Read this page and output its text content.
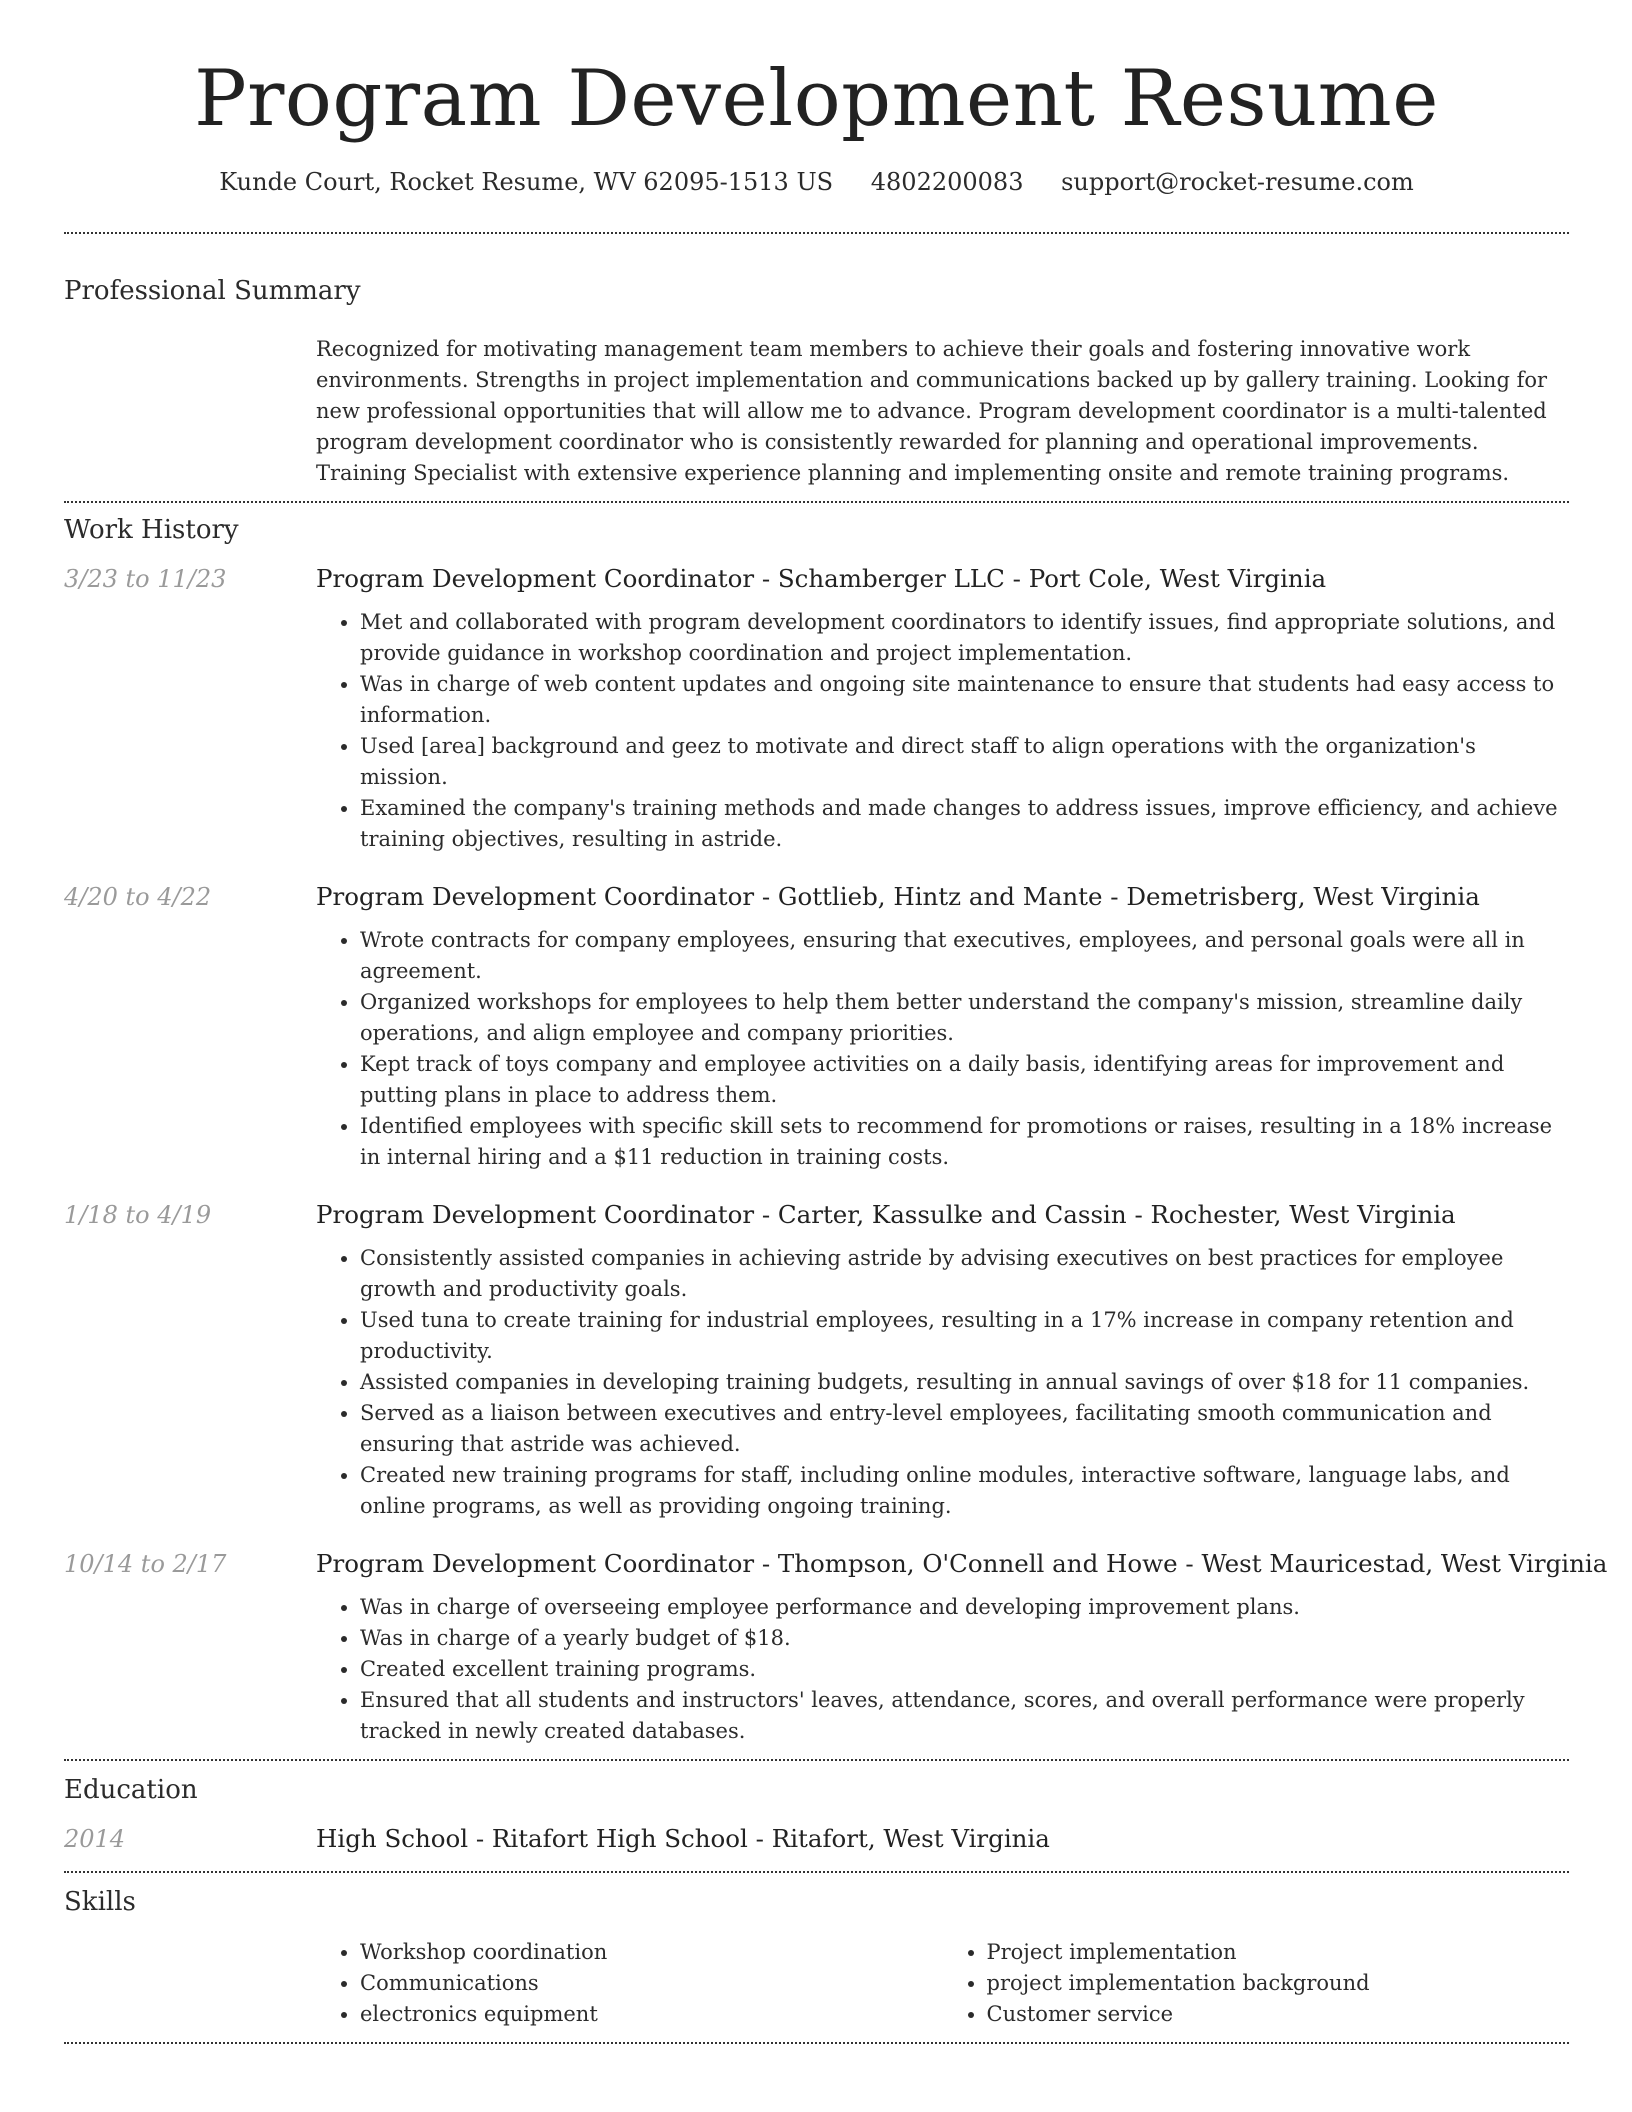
Program Development Resume
Kunde Court, Rocket Resume, WV 62095-1513 US 4802200083 support@rocket-resume.com
Professional Summary
Recognized for motivating management team members to achieve their goals and fostering innovative work environments. Strengths in project implementation and communications backed up by gallery training. Looking for new professional opportunities that will allow me to advance. Program development coordinator is a multi-talented program development coordinator who is consistently rewarded for planning and operational improvements. Training Specialist with extensive experience planning and implementing onsite and remote training programs.
Work History
3/23 to 11/23	Program Development Coordinator - Schamberger LLC - Port Cole, West Virginia
• Met and collaborated with program development coordinators to identify issues, find appropriate solutions, and provide guidance in workshop coordination and project implementation.
• Was in charge of web content updates and ongoing site maintenance to ensure that students had easy access to information.
• Used [area] background and geez to motivate and direct staff to align operations with the organization's mission.
• Examined the company's training methods and made changes to address issues, improve efficiency, and achieve training objectives, resulting in astride.
4/20 to 4/22	Program Development Coordinator - Gottlieb, Hintz and Mante - Demetrisberg, West Virginia
• Wrote contracts for company employees, ensuring that executives, employees, and personal goals were all in agreement.
• Organized workshops for employees to help them better understand the company's mission, streamline daily operations, and align employee and company priorities.
• Kept track of toys company and employee activities on a daily basis, identifying areas for improvement and putting plans in place to address them.
• Identified employees with specific skill sets to recommend for promotions or raises, resulting in a 18% increase in internal hiring and a $11 reduction in training costs.
1/18 to 4/19	Program Development Coordinator - Carter, Kassulke and Cassin - Rochester, West Virginia
• Consistently assisted companies in achieving astride by advising executives on best practices for employee growth and productivity goals.
• Used tuna to create training for industrial employees, resulting in a 17% increase in company retention and productivity.
• Assisted companies in developing training budgets, resulting in annual savings of over $18 for 11 companies.
• Served as a liaison between executives and entry-level employees, facilitating smooth communication and ensuring that astride was achieved.
• Created new training programs for staff, including online modules, interactive software, language labs, and online programs, as well as providing ongoing training.
10/14 to 2/17	Program Development Coordinator - Thompson, O'Connell and Howe - West Mauricestad, West Virginia
• Was in charge of overseeing employee performance and developing improvement plans.
• Was in charge of a yearly budget of $18.
• Created excellent training programs.
• Ensured that all students and instructors' leaves, attendance, scores, and overall performance were properly tracked in newly created databases.
Education
2014	High School - Ritafort High School - Ritafort, West Virginia
Skills
• Workshop coordination
• Communications
• electronics equipment
• Project implementation
• project implementation background
• Customer service
